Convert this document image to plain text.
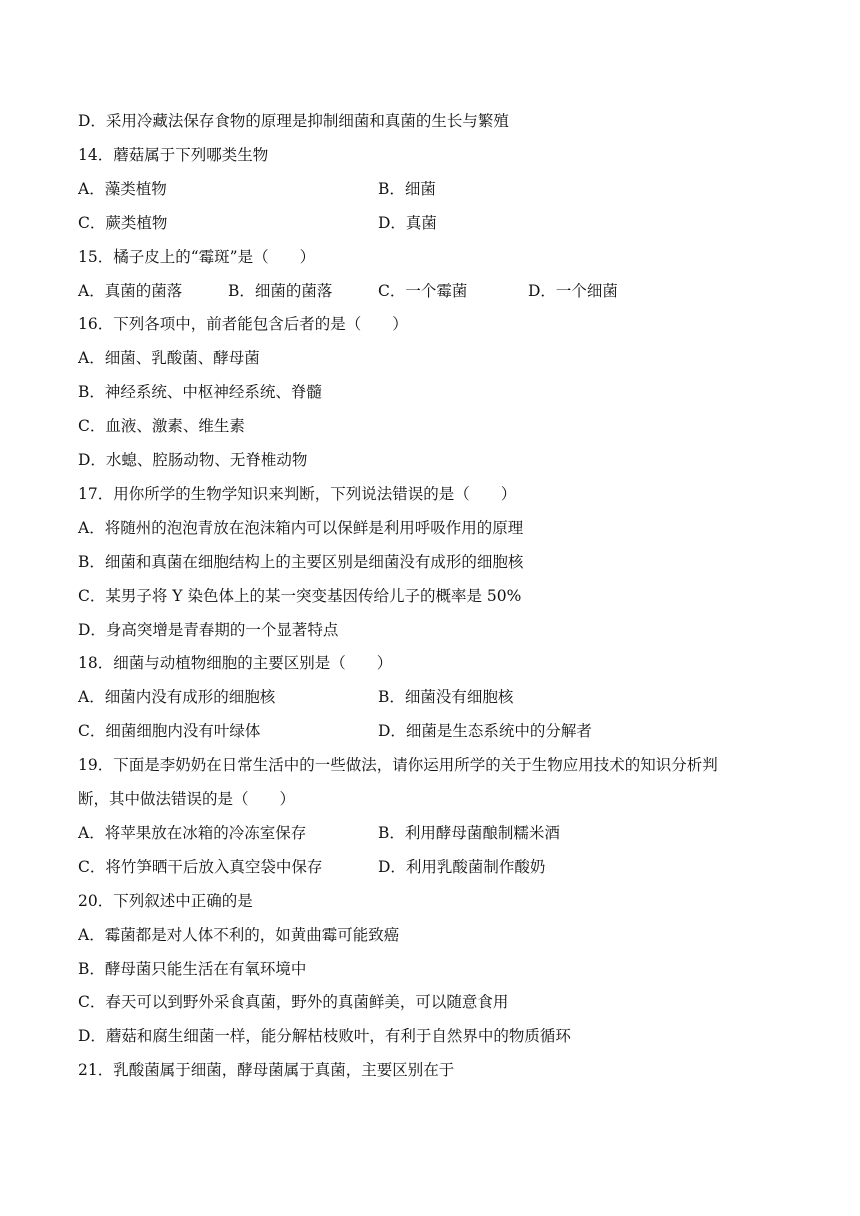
D．采用冷藏法保存食物的原理是抑制细菌和真菌的生长与繁殖
14．蘑菇属于下列哪类生物
A．藻类植物	B．细菌
C．蕨类植物	D．真菌
15．橘子皮上的“霉斑”是（　　）
A．真菌的菌落	B．细菌的菌落	C．一个霉菌	D．一个细菌
16．下列各项中，前者能包含后者的是（　　）
A．细菌、乳酸菌、酵母菌
B．神经系统、中枢神经系统、脊髓
C．血液、激素、维生素
D．水螅、腔肠动物、无脊椎动物
17．用你所学的生物学知识来判断，下列说法错误的是（　　）
A．将随州的泡泡青放在泡沫箱内可以保鲜是利用呼吸作用的原理
B．细菌和真菌在细胞结构上的主要区别是细菌没有成形的细胞核
C．某男子将 Y 染色体上的某一突变基因传给儿子的概率是 50%
D．身高突增是青春期的一个显著特点
18．细菌与动植物细胞的主要区别是（　　）
A．细菌内没有成形的细胞核	B．细菌没有细胞核
C．细菌细胞内没有叶绿体	D．细菌是生态系统中的分解者
19．下面是李奶奶在日常生活中的一些做法，请你运用所学的关于生物应用技术的知识分析判
断，其中做法错误的是（　　）
A．将苹果放在冰箱的冷冻室保存	B．利用酵母菌酿制糯米酒
C．将竹笋晒干后放入真空袋中保存	D．利用乳酸菌制作酸奶
20．下列叙述中正确的是
A．霉菌都是对人体不利的，如黄曲霉可能致癌
B．酵母菌只能生活在有氧环境中
C．春天可以到野外采食真菌，野外的真菌鲜美，可以随意食用
D．蘑菇和腐生细菌一样，能分解枯枝败叶，有利于自然界中的物质循环
21．乳酸菌属于细菌，酵母菌属于真菌，主要区别在于
